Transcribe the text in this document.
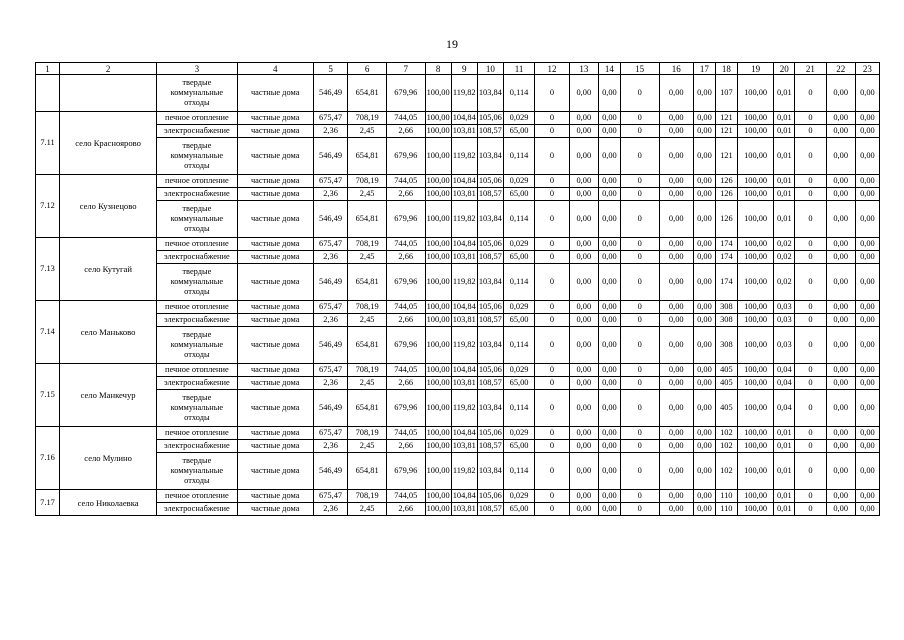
19
1	2	3	4	5	6	7	8	9	10	11	12	13	14	15	16	17	18	19	20	21	22	23
		твердые коммунальные отходы	частные дома	546,49	654,81	679,96	100,00	119,82	103,84	0,114	0	0,00	0,00	0	0,00	0,00	107	100,00	0,01	0	0,00	0,00
7.11	село Красноярово	печное отопление	частные дома	675,47	708,19	744,05	100,00	104,84	105,06	0,029	0	0,00	0,00	0	0,00	0,00	121	100,00	0,01	0	0,00	0,00
		электроснабжение	частные дома	2,36	2,45	2,66	100,00	103,81	108,57	65,00	0	0,00	0,00	0	0,00	0,00	121	100,00	0,01	0	0,00	0,00
		твердые коммунальные отходы	частные дома	546,49	654,81	679,96	100,00	119,82	103,84	0,114	0	0,00	0,00	0	0,00	0,00	121	100,00	0,01	0	0,00	0,00
7.12	село Кузнецово	печное отопление	частные дома	675,47	708,19	744,05	100,00	104,84	105,06	0,029	0	0,00	0,00	0	0,00	0,00	126	100,00	0,01	0	0,00	0,00
		электроснабжение	частные дома	2,36	2,45	2,66	100,00	103,81	108,57	65,00	0	0,00	0,00	0	0,00	0,00	126	100,00	0,01	0	0,00	0,00
		твердые коммунальные отходы	частные дома	546,49	654,81	679,96	100,00	119,82	103,84	0,114	0	0,00	0,00	0	0,00	0,00	126	100,00	0,01	0	0,00	0,00
7.13	село Кутугай	печное отопление	частные дома	675,47	708,19	744,05	100,00	104,84	105,06	0,029	0	0,00	0,00	0	0,00	0,00	174	100,00	0,02	0	0,00	0,00
		электроснабжение	частные дома	2,36	2,45	2,66	100,00	103,81	108,57	65,00	0	0,00	0,00	0	0,00	0,00	174	100,00	0,02	0	0,00	0,00
		твердые коммунальные отходы	частные дома	546,49	654,81	679,96	100,00	119,82	103,84	0,114	0	0,00	0,00	0	0,00	0,00	174	100,00	0,02	0	0,00	0,00
7.14	село Маньково	печное отопление	частные дома	675,47	708,19	744,05	100,00	104,84	105,06	0,029	0	0,00	0,00	0	0,00	0,00	308	100,00	0,03	0	0,00	0,00
		электроснабжение	частные дома	2,36	2,45	2,66	100,00	103,81	108,57	65,00	0	0,00	0,00	0	0,00	0,00	308	100,00	0,03	0	0,00	0,00
		твердые коммунальные отходы	частные дома	546,49	654,81	679,96	100,00	119,82	103,84	0,114	0	0,00	0,00	0	0,00	0,00	308	100,00	0,03	0	0,00	0,00
7.15	село Манкечур	печное отопление	частные дома	675,47	708,19	744,05	100,00	104,84	105,06	0,029	0	0,00	0,00	0	0,00	0,00	405	100,00	0,04	0	0,00	0,00
		электроснабжение	частные дома	2,36	2,45	2,66	100,00	103,81	108,57	65,00	0	0,00	0,00	0	0,00	0,00	405	100,00	0,04	0	0,00	0,00
		твердые коммунальные отходы	частные дома	546,49	654,81	679,96	100,00	119,82	103,84	0,114	0	0,00	0,00	0	0,00	0,00	405	100,00	0,04	0	0,00	0,00
7.16	село Мулино	печное отопление	частные дома	675,47	708,19	744,05	100,00	104,84	105,06	0,029	0	0,00	0,00	0	0,00	0,00	102	100,00	0,01	0	0,00	0,00
		электроснабжение	частные дома	2,36	2,45	2,66	100,00	103,81	108,57	65,00	0	0,00	0,00	0	0,00	0,00	102	100,00	0,01	0	0,00	0,00
		твердые коммунальные отходы	частные дома	546,49	654,81	679,96	100,00	119,82	103,84	0,114	0	0,00	0,00	0	0,00	0,00	102	100,00	0,01	0	0,00	0,00
7.17	село Николаевка	печное отопление	частные дома	675,47	708,19	744,05	100,00	104,84	105,06	0,029	0	0,00	0,00	0	0,00	0,00	110	100,00	0,01	0	0,00	0,00
		электроснабжение	частные дома	2,36	2,45	2,66	100,00	103,81	108,57	65,00	0	0,00	0,00	0	0,00	0,00	110	100,00	0,01	0	0,00	0,00
